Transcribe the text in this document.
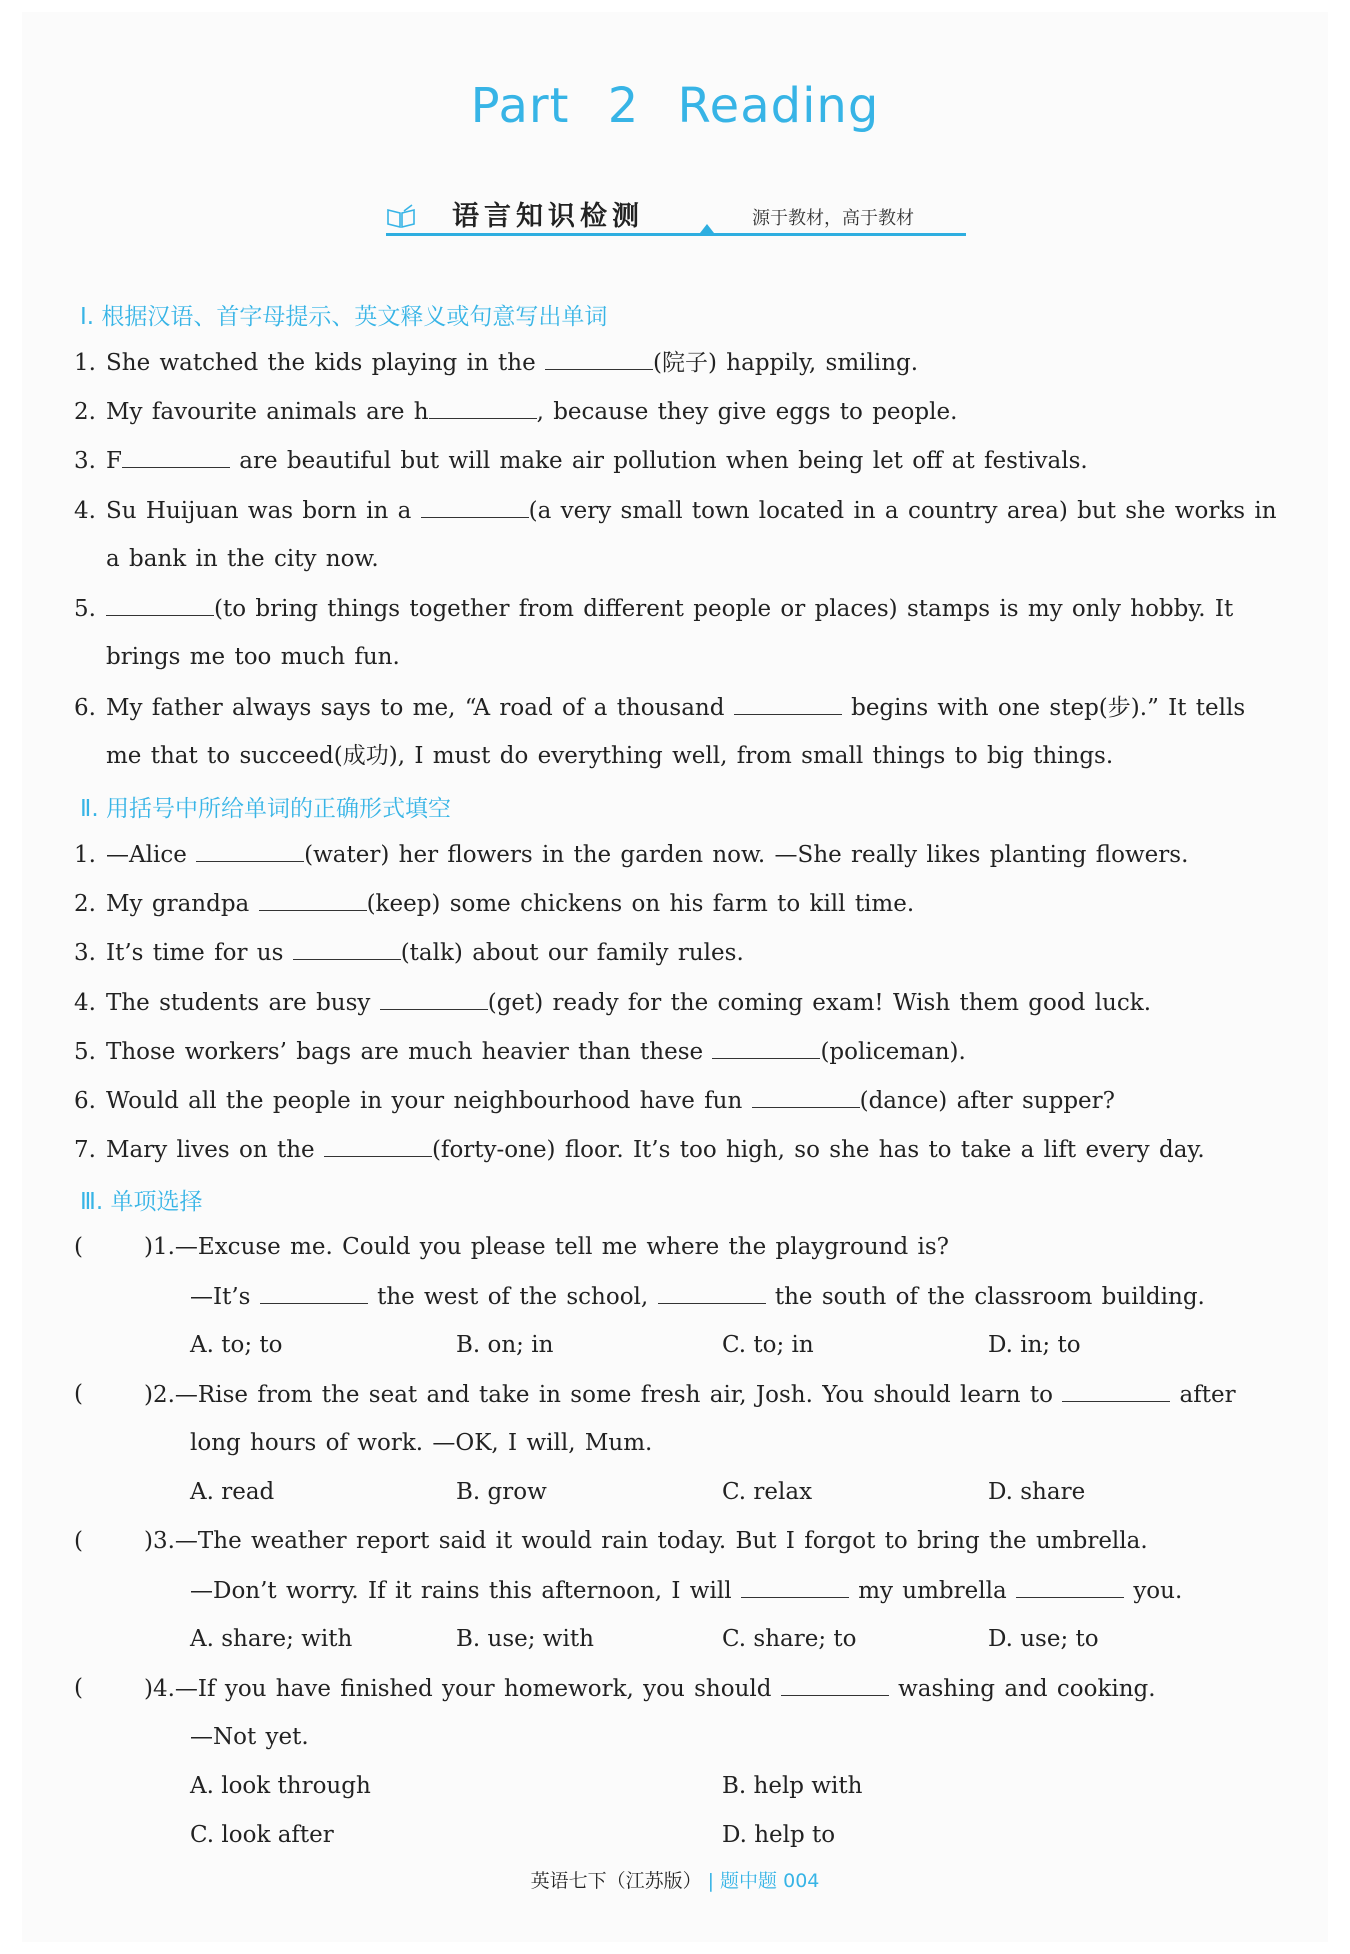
Part 2 Reading
语言知识检测	源于教材，高于教材
Ⅰ. 根据汉语、首字母提示、英文释义或句意写出单词
1. She watched the kids playing in the	(院子) happily, smiling.
2. My favourite animals are h	, because they give eggs to people.
3. F	are beautiful but will make air pollution when being let off at festivals.
4. Su Huijuan was born in a	(a very small town located in a country area) but she works in
a bank in the city now.
5.	(to bring things together from different people or places) stamps is my only hobby. It
brings me too much fun.
6. My father always says to me, “A road of a thousand	begins with one step(步).” It tells
me that to succeed(成功), I must do everything well, from small things to big things.
Ⅱ. 用括号中所给单词的正确形式填空
1. —Alice	(water) her flowers in the garden now. —She really likes planting flowers.
2. My grandpa	(keep) some chickens on his farm to kill time.
3. It’s time for us	(talk) about our family rules.
4. The students are busy	(get) ready for the coming exam! Wish them good luck.
5. Those workers’ bags are much heavier than these	(policeman).
6. Would all the people in your neighbourhood have fun	(dance) after supper?
7. Mary lives on the	(forty-one) floor. It’s too high, so she has to take a lift every day.
Ⅲ. 单项选择
(	)1.—Excuse me. Could you please tell me where the playground is?
—It’s	the west of the school,	the south of the classroom building.
A. to; to	B. on; in	C. to; in	D. in; to
(	)2.—Rise from the seat and take in some fresh air, Josh. You should learn to	after
long hours of work. —OK, I will, Mum.
A. read	B. grow	C. relax	D. share
(	)3.—The weather report said it would rain today. But I forgot to bring the umbrella.
—Don’t worry. If it rains this afternoon, I will	my umbrella	you.
A. share; with	B. use; with	C. share; to	D. use; to
(	)4.—If you have finished your homework, you should	washing and cooking.
—Not yet.
A. look through	B. help with
C. look after	D. help to
英语七下（江苏版） | 题中题 004
